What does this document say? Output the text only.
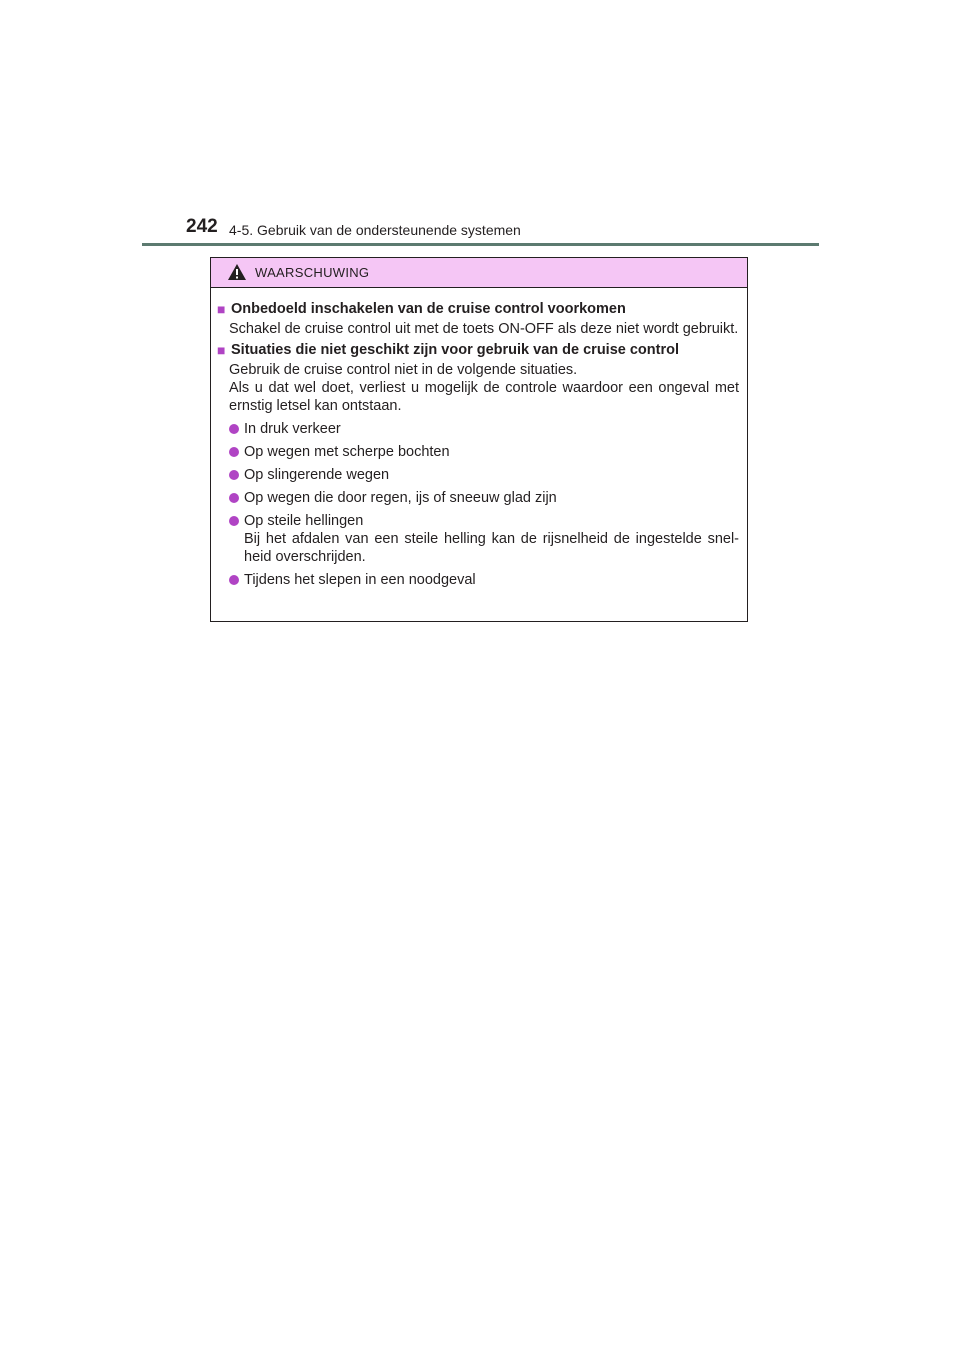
242 4-5. Gebruik van de ondersteunende systemen
WAARSCHUWING
■ Onbedoeld inschakelen van de cruise control voorkomen
Schakel de cruise control uit met de toets ON-OFF als deze niet wordt gebruikt.
■ Situaties die niet geschikt zijn voor gebruik van de cruise control
Gebruik de cruise control niet in de volgende situaties.
Als u dat wel doet, verliest u mogelijk de controle waardoor een ongeval met ernstig letsel kan ontstaan.
In druk verkeer
Op wegen met scherpe bochten
Op slingerende wegen
Op wegen die door regen, ijs of sneeuw glad zijn
Op steile hellingen
Bij het afdalen van een steile helling kan de rijsnelheid de ingestelde snel-heid overschrijden.
Tijdens het slepen in een noodgeval
